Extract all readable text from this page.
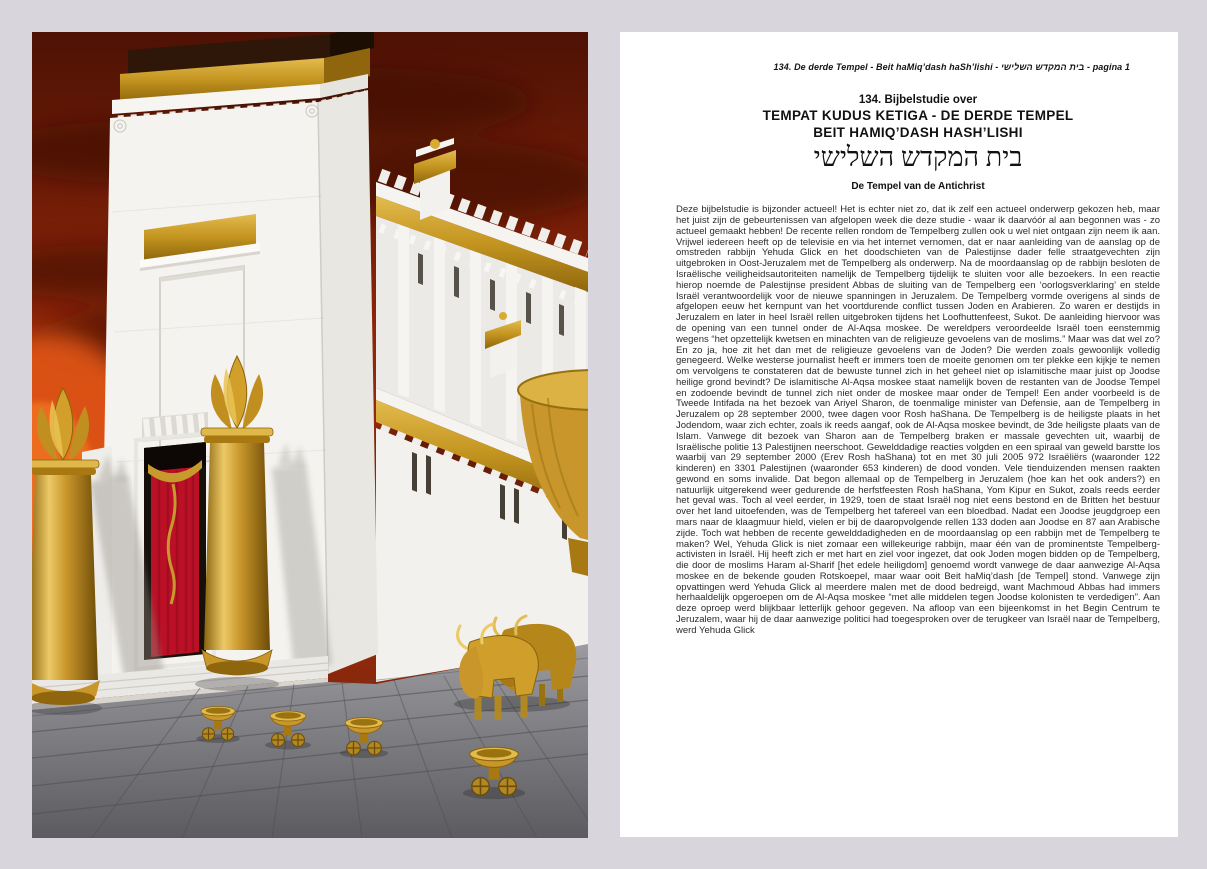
134. De derde Tempel - Beit haMiq’dash haSh’lishi - בית המקדש השלישי - pagina 1
134. Bijbelstudie over
TEMPAT KUDUS KETIGA - DE DERDE TEMPEL
BEIT HAMIQ’DASH HASH’LISHI
בית המקדש השלישי
De Tempel van de Antichrist

Deze bijbelstudie is bijzonder actueel! Het is echter niet zo, dat ik zelf een actueel onderwerp gekozen heb, maar het juist zijn de gebeurtenissen van afgelopen week die deze studie - waar ik daarvóór al aan begonnen was - zo actueel gemaakt hebben! De recente rellen rondom de Tempelberg zullen ook u wel niet ontgaan zijn neem ik aan. Vrijwel iedereen heeft op de televisie en via het internet vernomen, dat er naar aanleiding van de aanslag op de omstreden rabbijn Yehuda Glick en het doodschieten van de Palestijnse dader felle straatgevechten zijn uitgebroken in Oost-Jeruzalem met de Tempelberg als onderwerp. Na de moordaanslag op de rabbijn besloten de Israëlische veiligheidsautoriteiten namelijk de Tempelberg tijdelijk te sluiten voor alle bezoekers. In een reactie hierop noemde de Palestijnse president Abbas de sluiting van de Tempelberg een ‘oorlogsverklaring’ en stelde Israël verantwoordelijk voor de nieuwe spanningen in Jeruzalem. De Tempelberg vormde overigens al sinds de afgelopen eeuw het kernpunt van het voortdurende conflict tussen Joden en Arabieren. Zo waren er destijds in Jeruzalem en later in heel Israël rellen uitgebroken tijdens het Loofhuttenfeest, Sukot. De aanleiding hiervoor was de opening van een tunnel onder de Al-Aqsa moskee. De wereldpers veroordeelde Israël toen eenstemmig wegens “het opzettelijk kwetsen en minachten van de religieuze gevoelens van de moslims.” Maar was dat wel zo? En zo ja, hoe zit het dan met de religieuze gevoelens van de Joden? Die werden zoals gewoonlijk volledig genegeerd. Welke westerse journalist heeft er immers toen de moeite genomen om ter plekke een kijkje te nemen om vervolgens te constateren dat de bewuste tunnel zich in het geheel niet op islamitische maar juist op Joodse heilige grond bevindt? De islamitische Al-Aqsa moskee staat namelijk boven de restanten van de Joodse Tempel en zodoende bevindt de tunnel zich niet onder de moskee maar onder de Tempel! Een ander voorbeeld is de Tweede Intifada na het bezoek van Ariyel Sharon, de toenmalige minister van Defensie, aan de Tempelberg in Jeruzalem op 28 september 2000, twee dagen voor Rosh haShana. De Tempelberg is de heiligste plaats in het Jodendom, waar zich echter, zoals ik reeds aangaf, ook de Al-Aqsa moskee bevindt, de 3de heiligste plaats van de Islam. Vanwege dit bezoek van Sharon aan de Tempelberg braken er massale gevechten uit, waarbij de Israëlische politie 13 Palestijnen neerschoot. Gewelddadige reacties volgden en een spiraal van geweld barstte los waarbij van 29 september 2000 (Erev Rosh haShana) tot en met 30 juli 2005 972 Israëliërs (waaronder 122 kinderen) en 3301 Palestijnen (waaronder 653 kinderen) de dood vonden. Vele tienduizenden mensen raakten gewond en soms invalide. Dat begon allemaal op de Tempelberg in Jeruzalem (hoe kan het ook anders?) en natuurlijk uitgerekend weer gedurende de herfstfeesten Rosh haShana, Yom Kipur en Sukot, zoals reeds eerder het geval was. Toch al veel eerder, in 1929, toen de staat Israël nog niet eens bestond en de Britten het bestuur over het land uitoefenden, was de Tempelberg het tafereel van een bloedbad. Nadat een Joodse jeugdgroep een mars naar de klaagmuur hield, vielen er bij de daaropvolgende rellen 133 doden aan Joodse en 87 aan Arabische zijde. Toch wat hebben de recente gewelddadigheden en de moordaanslag op een rabbijn met de Tempelberg te maken? Wel, Yehuda Glick is niet zomaar een willekeurige rabbijn, maar één van de prominentste Tempelberg-activisten in Israël. Hij heeft zich er met hart en ziel voor ingezet, dat ook Joden mogen bidden op de Tempelberg, die door de moslims Haram al-Sharif [het edele heiligdom] genoemd wordt vanwege de daar aanwezige Al-Aqsa moskee en de bekende gouden Rotskoepel, maar waar ooit Beit haMiq’dash [de Tempel] stond. Vanwege zijn opvattingen werd Yehuda Glick al meerdere malen met de dood bedreigd, want Machmoud Abbas had immers herhaaldelijk opgeroepen om de Al-Aqsa moskee “met alle middelen tegen Joodse kolonisten te verdedigen”. Aan deze oproep werd blijkbaar letterlijk gehoor gegeven. Na afloop van een bijeenkomst in het Begin Centrum te Jeruzalem, waar hij de daar aanwezige politici had toegesproken over de terugkeer van Israël naar de Tempelberg, werd Yehuda Glick
